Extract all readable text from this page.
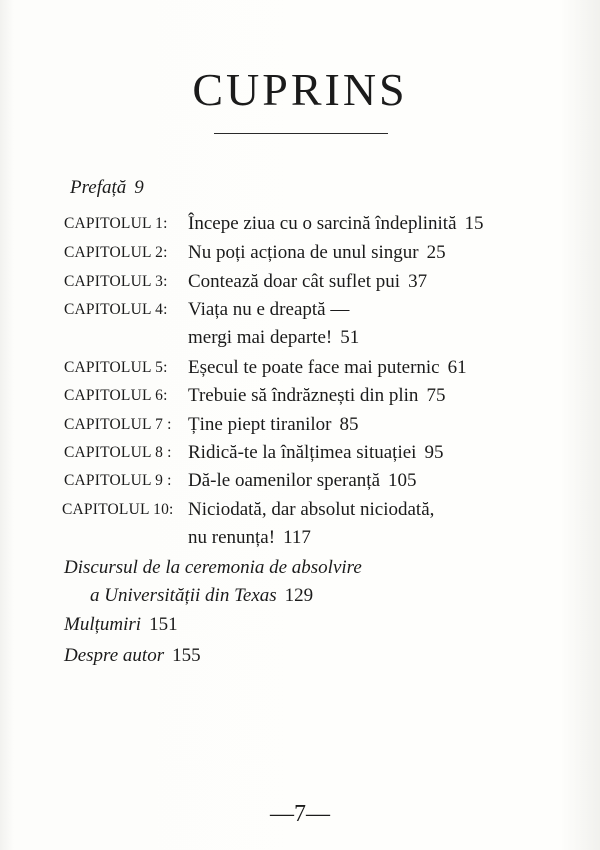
CUPRINS
Prefață 9
CAPITOLUL 1: Începe ziua cu o sarcină îndeplinită 15
CAPITOLUL 2: Nu poți acționa de unul singur 25
CAPITOLUL 3: Contează doar cât suflet pui 37
CAPITOLUL 4: Viața nu e dreaptă —
mergi mai departe! 51
CAPITOLUL 5: Eșecul te poate face mai puternic 61
CAPITOLUL 6: Trebuie să îndrăznești din plin 75
CAPITOLUL 7 : Ține piept tiranilor 85
CAPITOLUL 8 : Ridică-te la înălțimea situației 95
CAPITOLUL 9 : Dă-le oamenilor speranță 105
CAPITOLUL 10: Niciodată, dar absolut niciodată,
nu renunța! 117
Discursul de la ceremonia de absolvire
a Universității din Texas 129
Mulțumiri 151
Despre autor 155
—7—
